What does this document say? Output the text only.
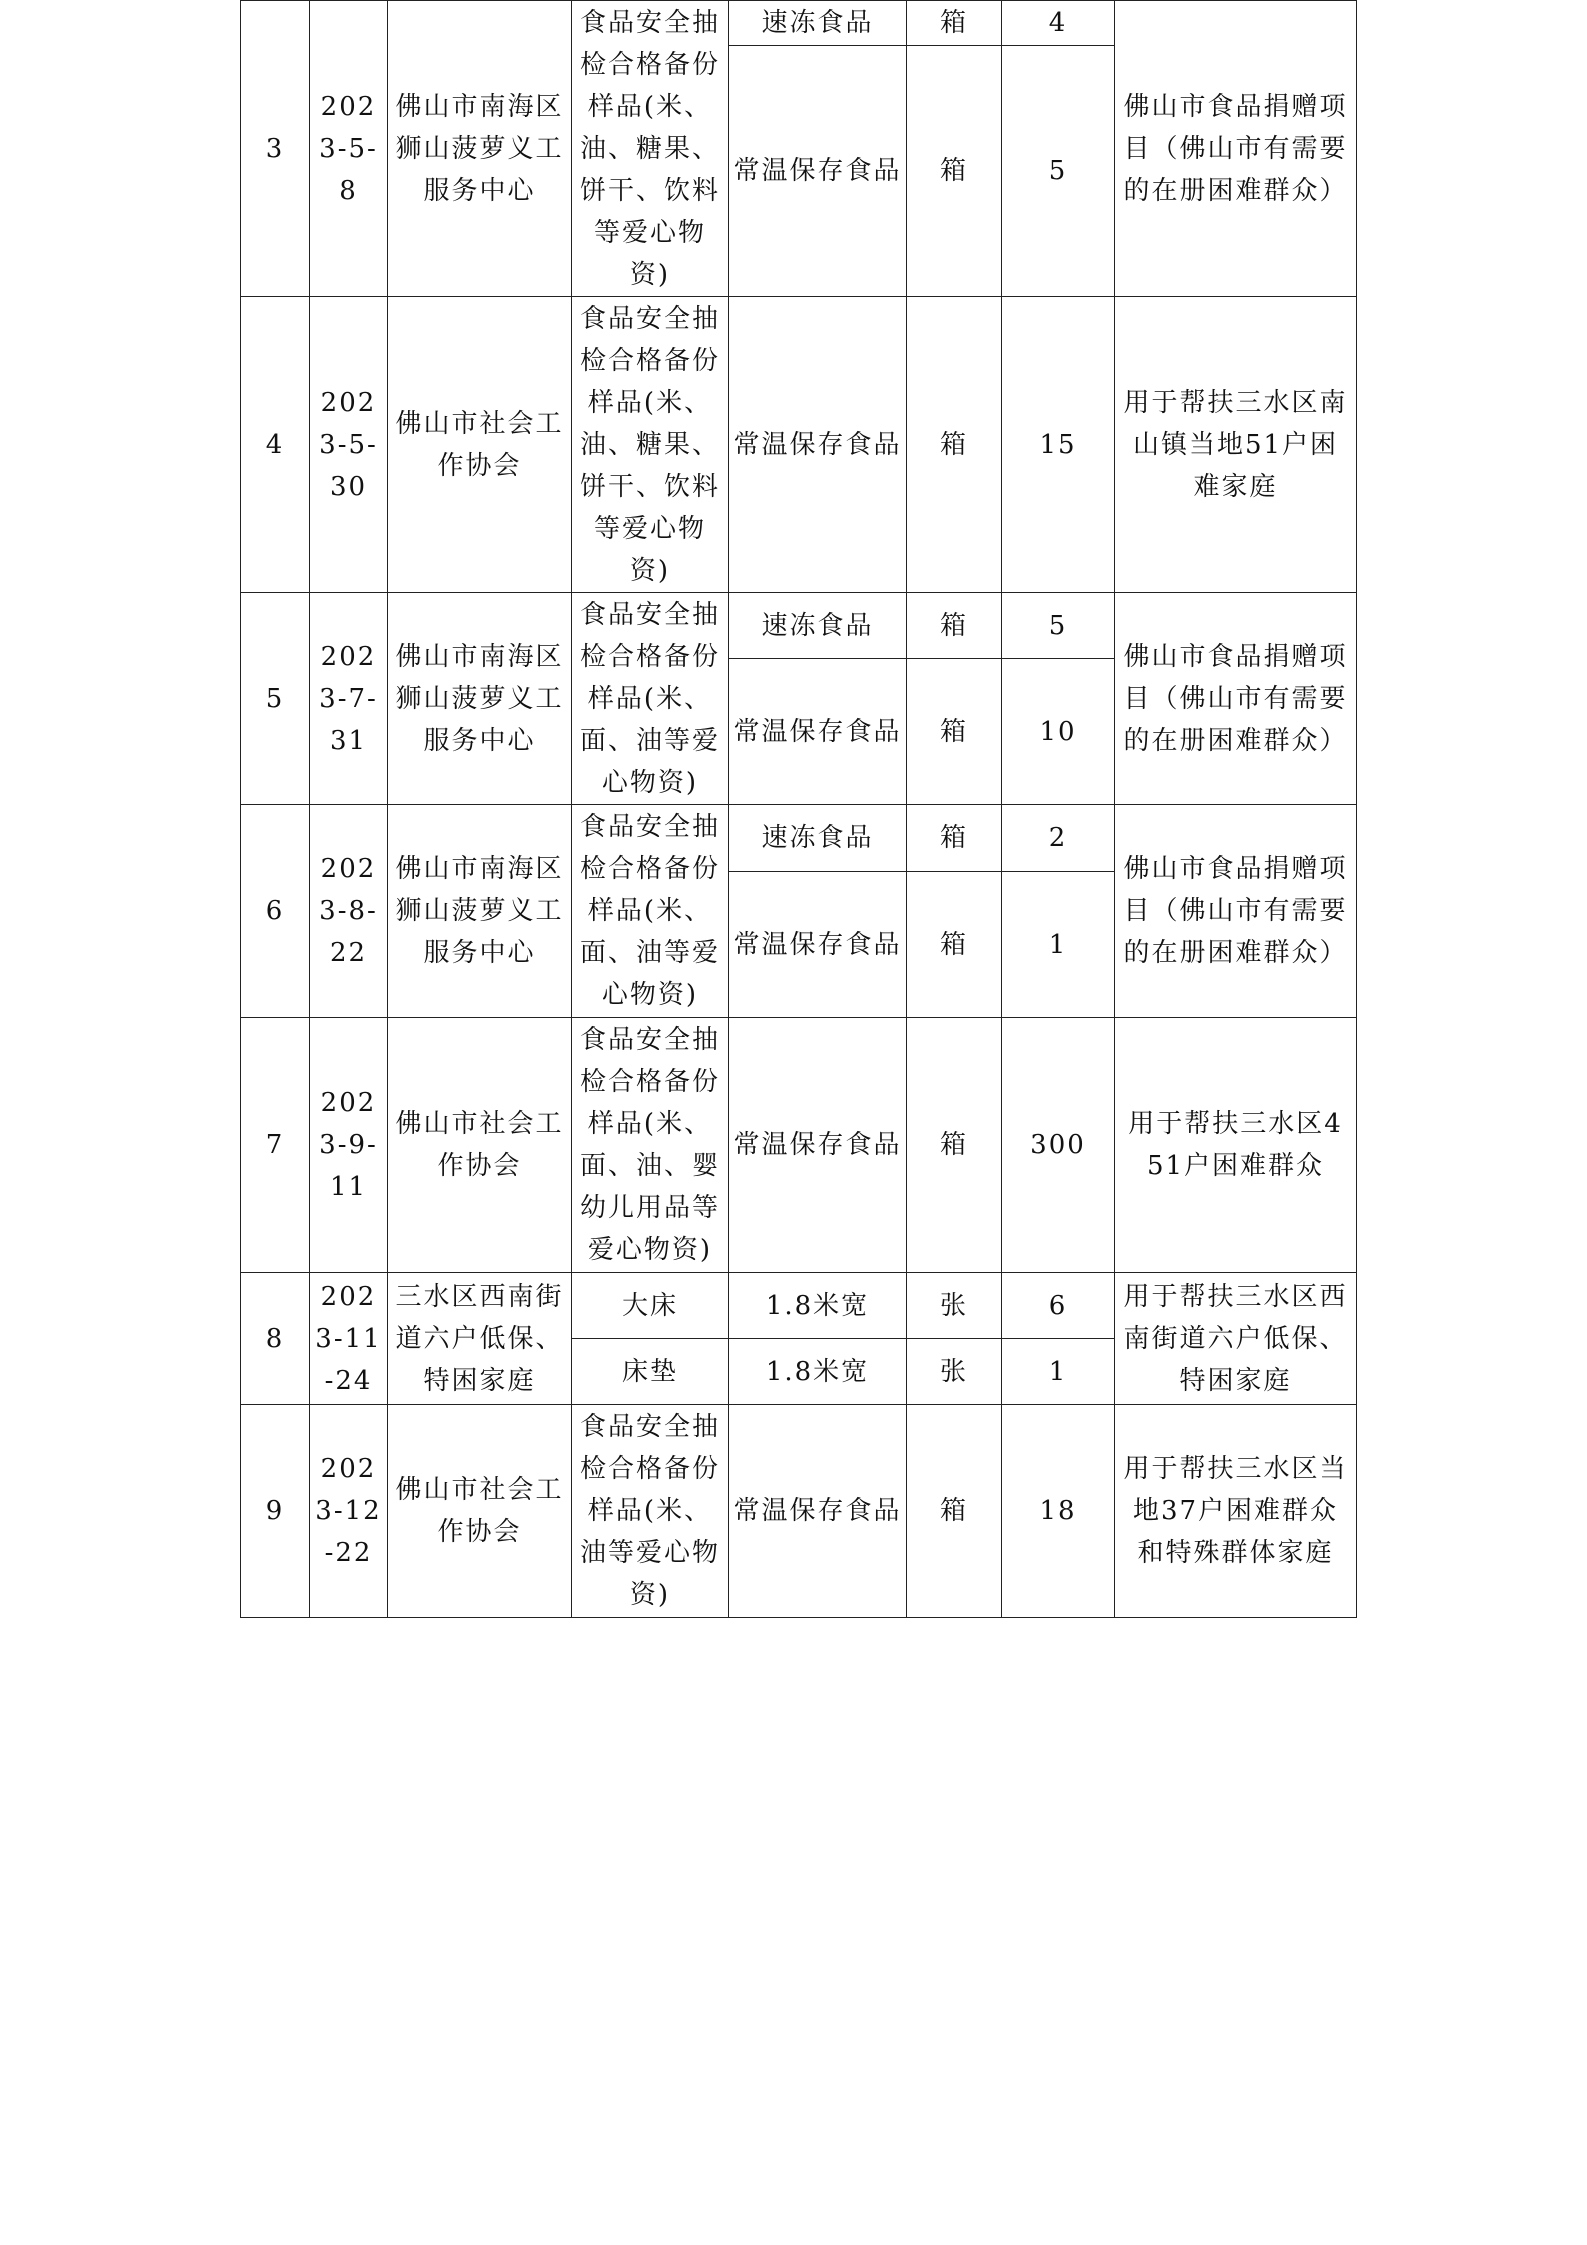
3	2023-5-8	佛山市南海区狮山菠萝义工服务中心	食品安全抽检合格备份样品(米、油、糖果、饼干、饮料等爱心物资)	速冻食品	箱	4	佛山市食品捐赠项目（佛山市有需要的在册困难群众）
				常温保存食品	箱	5	
4	2023-5-30	佛山市社会工作协会	食品安全抽检合格备份样品(米、油、糖果、饼干、饮料等爱心物资)	常温保存食品	箱	15	用于帮扶三水区南山镇当地51户困难家庭
5	2023-7-31	佛山市南海区狮山菠萝义工服务中心	食品安全抽检合格备份样品(米、面、油等爱心物资)	速冻食品	箱	5	佛山市食品捐赠项目（佛山市有需要的在册困难群众）
				常温保存食品	箱	10	
6	2023-8-22	佛山市南海区狮山菠萝义工服务中心	食品安全抽检合格备份样品(米、面、油等爱心物资)	速冻食品	箱	2	佛山市食品捐赠项目（佛山市有需要的在册困难群众）
				常温保存食品	箱	1	
7	2023-9-11	佛山市社会工作协会	食品安全抽检合格备份样品(米、面、油、婴幼儿用品等爱心物资)	常温保存食品	箱	300	用于帮扶三水区451户困难群众
8	2023-11-24	三水区西南街道六户低保、特困家庭	大床	1.8米宽	张	6	用于帮扶三水区西南街道六户低保、特困家庭
			床垫	1.8米宽	张	1	
9	2023-12-22	佛山市社会工作协会	食品安全抽检合格备份样品(米、油等爱心物资)	常温保存食品	箱	18	用于帮扶三水区当地37户困难群众和特殊群体家庭
